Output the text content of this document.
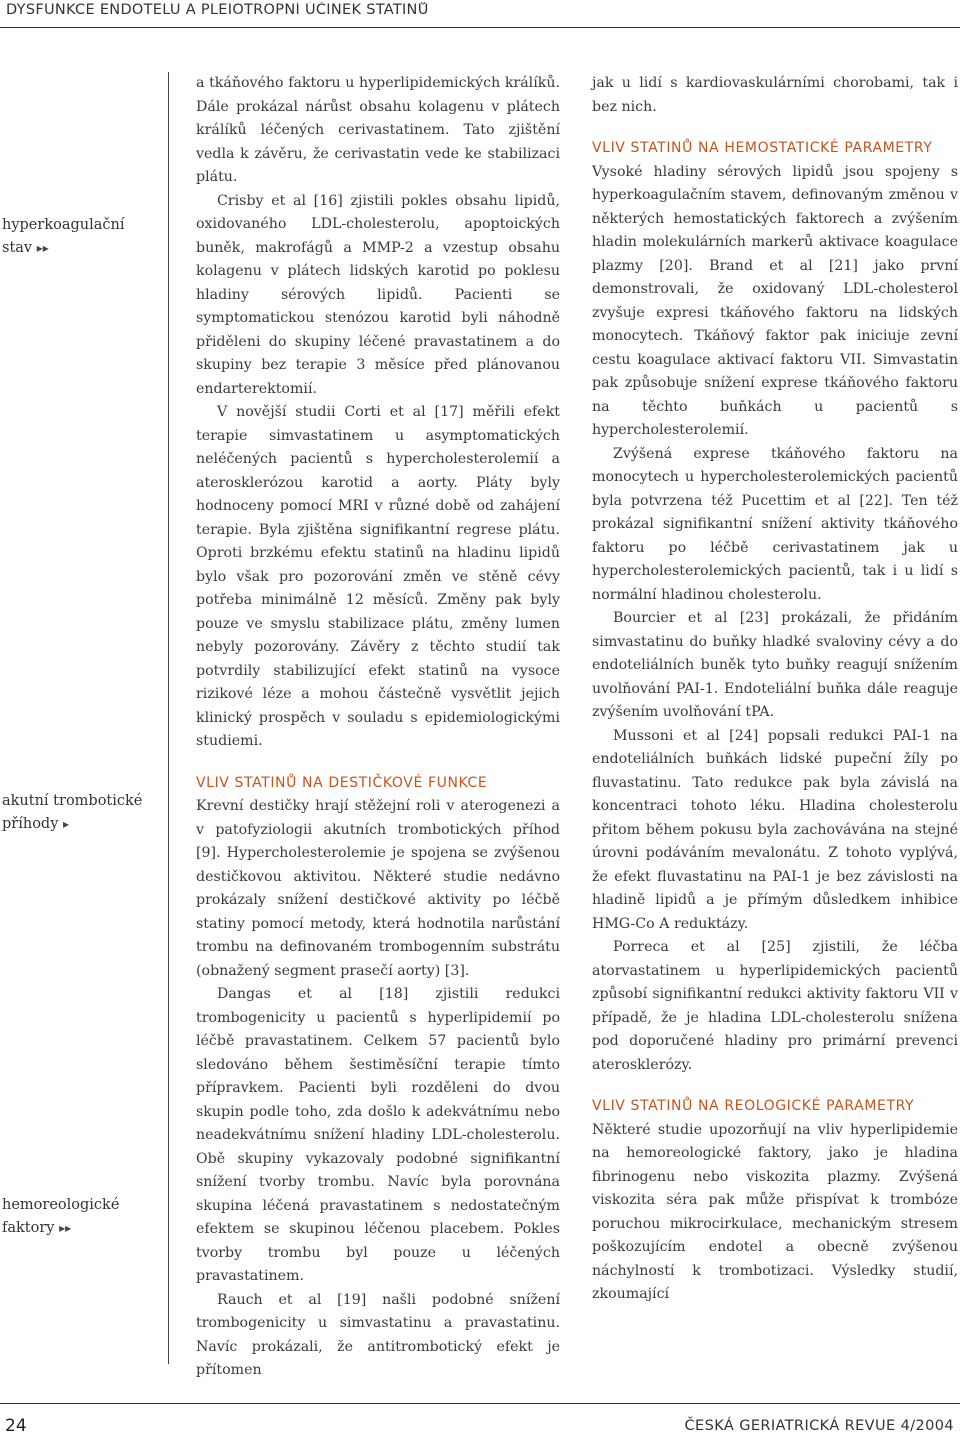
DYSFUNKCE ENDOTELU A PLEIOTROPNÍ ÚČINEK STATINŮ
hyperkoagulační stav ▸▸
akutní trombotické příhody ▸
hemoreologické faktory ▸▸

a tkáňového faktoru u hyperlipidemických králíků. Dále prokázal nárůst obsahu kolagenu v plátech králíků léčených cerivastatinem. Tato zjištění vedla k závěru, že cerivastatin vede ke stabilizaci plátu.

Crisby et al [16] zjistili pokles obsahu lipidů, oxidovaného LDL-cholesterolu, apoptoických buněk, makrofágů a MMP-2 a vzestup obsahu kolagenu v plátech lidských karotid po poklesu hladiny sérových lipidů. Pacienti se symptomatickou stenózou karotid byli náhodně přiděleni do skupiny léčené pravastatinem a do skupiny bez terapie 3 měsíce před plánovanou endarterektomií.

V novější studii Corti et al [17] měřili efekt terapie simvastatinem u asymptomatických neléčených pacientů s hypercholesterolemií a aterosklerózou karotid a aorty. Pláty byly hodnoceny pomocí MRI v různé době od zahájení terapie. Byla zjištěna signifikantní regrese plátu. Oproti brzkému efektu statinů na hladinu lipidů bylo však pro pozorování změn ve stěně cévy potřeba minimálně 12 měsíců. Změny pak byly pouze ve smyslu stabilizace plátu, změny lumen nebyly pozorovány. Závěry z těchto studií tak potvrdily stabilizující efekt statinů na vysoce rizikové léze a mohou částečně vysvětlit jejich klinický prospěch v souladu s epidemiologickými studiemi.

VLIV STATINŮ NA DESTIČKOVÉ FUNKCE

Krevní destičky hrají stěžejní roli v aterogenezi a v patofyziologii akutních trombotických příhod [9]. Hypercholesterolemie je spojena se zvýšenou destičkovou aktivitou. Některé studie nedávno prokázaly snížení destičkové aktivity po léčbě statiny pomocí metody, která hodnotila narůstání trombu na definovaném trombogenním substrátu (obnažený segment prasečí aorty) [3].

Dangas et al [18] zjistili redukci trombogenicity u pacientů s hyperlipidemií po léčbě pravastatinem. Celkem 57 pacientů bylo sledováno během šestiměsíční terapie tímto přípravkem. Pacienti byli rozděleni do dvou skupin podle toho, zda došlo k adekvátnímu nebo neadekvátnímu snížení hladiny LDL-cholesterolu. Obě skupiny vykazovaly podobné signifikantní snížení tvorby trombu. Navíc byla porovnána skupina léčená pravastatinem s nedostatečným efektem se skupinou léčenou placebem. Pokles tvorby trombu byl pouze u léčených pravastatinem.

Rauch et al [19] našli podobné snížení trombogenicity u simvastatinu a pravastatinu. Navíc prokázali, že antitrombotický efekt je přítomen

jak u lidí s kardiovaskulárními chorobami, tak i bez nich.

VLIV STATINŮ NA HEMOSTATICKÉ PARAMETRY

Vysoké hladiny sérových lipidů jsou spojeny s hyperkoagulačním stavem, definovaným změnou v některých hemostatických faktorech a zvýšením hladin molekulárních markerů aktivace koagulace plazmy [20]. Brand et al [21] jako první demonstrovali, že oxidovaný LDL-cholesterol zvyšuje expresi tkáňového faktoru na lidských monocytech. Tkáňový faktor pak iniciuje zevní cestu koagulace aktivací faktoru VII. Simvastatin pak způsobuje snížení exprese tkáňového faktoru na těchto buňkách u pacientů s hypercholesterolemií.

Zvýšená exprese tkáňového faktoru na monocytech u hypercholesterolemických pacientů byla potvrzena též Pucettim et al [22]. Ten též prokázal signifikantní snížení aktivity tkáňového faktoru po léčbě cerivastatinem jak u hypercholesterolemických pacientů, tak i u lidí s normální hladinou cholesterolu.

Bourcier et al [23] prokázali, že přidáním simvastatinu do buňky hladké svaloviny cévy a do endoteliálních buněk tyto buňky reagují snížením uvolňování PAI-1. Endoteliální buňka dále reaguje zvýšením uvolňování tPA.

Mussoni et al [24] popsali redukci PAI-1 na endoteliálních buňkách lidské pupeční žíly po fluvastatinu. Tato redukce pak byla závislá na koncentraci tohoto léku. Hladina cholesterolu přitom během pokusu byla zachovávána na stejné úrovni podáváním mevalonátu. Z tohoto vyplývá, že efekt fluvastatinu na PAI-1 je bez závislosti na hladině lipidů a je přímým důsledkem inhibice HMG-Co A reduktázy.

Porreca et al [25] zjistili, že léčba atorvastatinem u hyperlipidemických pacientů způsobí signifikantní redukci aktivity faktoru VII v případě, že je hladina LDL-cholesterolu snížena pod doporučené hladiny pro primární prevenci aterosklerózy.

VLIV STATINŮ NA REOLOGICKÉ PARAMETRY

Některé studie upozorňují na vliv hyperlipidemie na hemoreologické faktory, jako je hladina fibrinogenu nebo viskozita plazmy. Zvýšená viskozita séra pak může přispívat k trombóze poruchou mikrocirkulace, mechanickým stresem poškozujícím endotel a obecně zvýšenou náchylností k trombotizaci. Výsledky studií, zkoumající

24	ČESKÁ GERIATRICKÁ REVUE 4/2004
